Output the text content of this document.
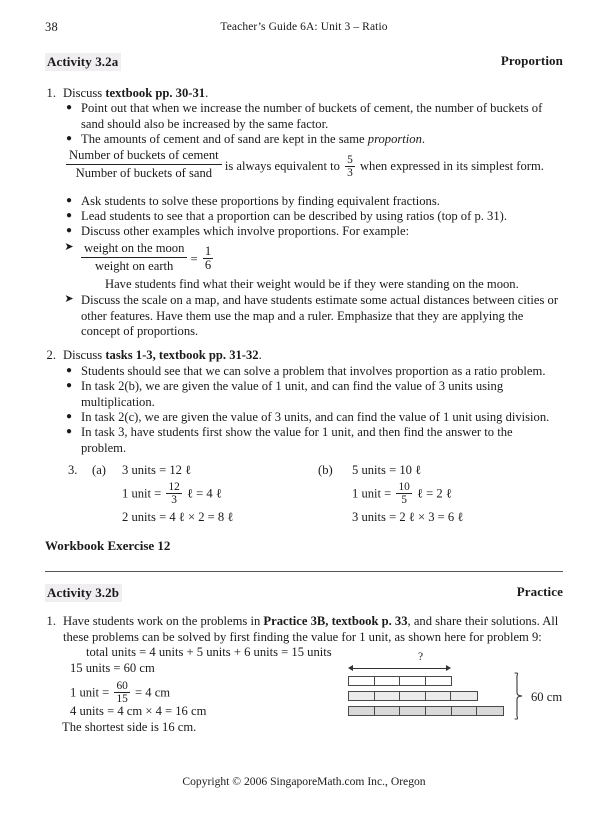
38	Teacher’s Guide 6A: Unit 3 – Ratio
Activity 3.2a	Proportion
1. Discuss textbook pp. 30-31.
● Point out that when we increase the number of buckets of cement, the number of buckets of sand should also be increased by the same factor.
● The amounts of cement and of sand are kept in the same proportion.
Number of buckets of cement
Number of buckets of sand	is always equivalent to $\frac{5}{3}$ when expressed in its simplest form.
● Ask students to solve these proportions by finding equivalent fractions.
● Lead students to see that a proportion can be described by using ratios (top of p. 31).
● Discuss other examples which involve proportions. For example:
➤ weight on the moon
weight on earth	= $\frac{1}{6}$
Have students find what their weight would be if they were standing on the moon.
➤ Discuss the scale on a map, and have students estimate some actual distances between cities or other features. Have them use the map and a ruler. Emphasize that they are applying the concept of proportions.
2. Discuss tasks 1-3, textbook pp. 31-32.
● Students should see that we can solve a problem that involves proportion as a ratio problem.
● In task 2(b), we are given the value of 1 unit, and can find the value of 3 units using multiplication.
● In task 2(c), we are given the value of 3 units, and can find the value of 1 unit using division.
● In task 3, have students first show the value for 1 unit, and then find the answer to the problem.
3. (a) 3 units = 12 ℓ
1 unit = $\frac{12}{3}$ ℓ = 4 ℓ
2 units = 4 ℓ × 2 = 8 ℓ
(b) 5 units = 10 ℓ
1 unit = $\frac{10}{5}$ ℓ = 2 ℓ
3 units = 2 ℓ × 3 = 6 ℓ
Workbook Exercise 12
Activity 3.2b	Practice
1. Have students work on the problems in Practice 3B, textbook p. 33, and share their solutions. All these problems can be solved by first finding the value for 1 unit, as shown here for problem 9:
total units = 4 units + 5 units + 6 units = 15 units
15 units = 60 cm
1 unit = $\frac{60}{15} = 4$ cm
4 units = 4 cm × 4 = 16 cm
The shortest side is 16 cm.
?
60 cm
Copyright © 2006 SingaporeMath.com Inc., Oregon
